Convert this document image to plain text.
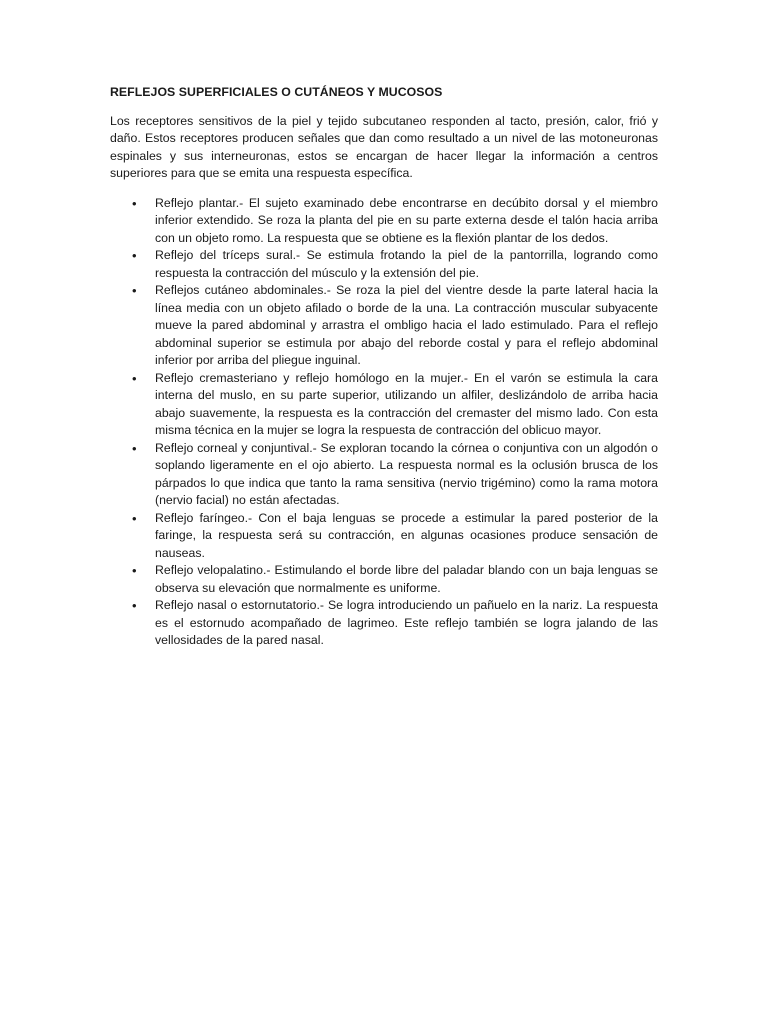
REFLEJOS SUPERFICIALES O CUTÁNEOS Y MUCOSOS

Los receptores sensitivos de la piel y tejido subcutaneo responden al tacto, presión, calor, frió y daño. Estos receptores producen señales que dan como resultado a un nivel de las motoneuronas espinales y sus interneuronas, estos se encargan de hacer llegar la información a centros superiores para que se emita una respuesta específica.

• Reflejo plantar.- El sujeto examinado debe encontrarse en decúbito dorsal y el miembro inferior extendido. Se roza la planta del pie en su parte externa desde el talón hacia arriba con un objeto romo. La respuesta que se obtiene es la flexión plantar de los dedos.
• Reflejo del tríceps sural.- Se estimula frotando la piel de la pantorrilla, logrando como respuesta la contracción del músculo y la extensión del pie.
• Reflejos cutáneo abdominales.- Se roza la piel del vientre desde la parte lateral hacia la línea media con un objeto afilado o borde de la una. La contracción muscular subyacente mueve la pared abdominal y arrastra el ombligo hacia el lado estimulado. Para el reflejo abdominal superior se estimula por abajo del reborde costal y para el reflejo abdominal inferior por arriba del pliegue inguinal.
• Reflejo cremasteriano y reflejo homólogo en la mujer.- En el varón se estimula la cara interna del muslo, en su parte superior, utilizando un alfiler, deslizándolo de arriba hacia abajo suavemente, la respuesta es la contracción del cremaster del mismo lado. Con esta misma técnica en la mujer se logra la respuesta de contracción del oblicuo mayor.
• Reflejo corneal y conjuntival.- Se exploran tocando la córnea o conjuntiva con un algodón o soplando ligeramente en el ojo abierto. La respuesta normal es la oclusión brusca de los párpados lo que indica que tanto la rama sensitiva (nervio trigémino) como la rama motora (nervio facial) no están afectadas.
• Reflejo faríngeo.- Con el baja lenguas se procede a estimular la pared posterior de la faringe, la respuesta será su contracción, en algunas ocasiones produce sensación de nauseas.
• Reflejo velopalatino.- Estimulando el borde libre del paladar blando con un baja lenguas se observa su elevación que normalmente es uniforme.
• Reflejo nasal o estornutatorio.- Se logra introduciendo un pañuelo en la nariz. La respuesta es el estornudo acompañado de lagrimeo. Este reflejo también se logra jalando de las vellosidades de la pared nasal.
